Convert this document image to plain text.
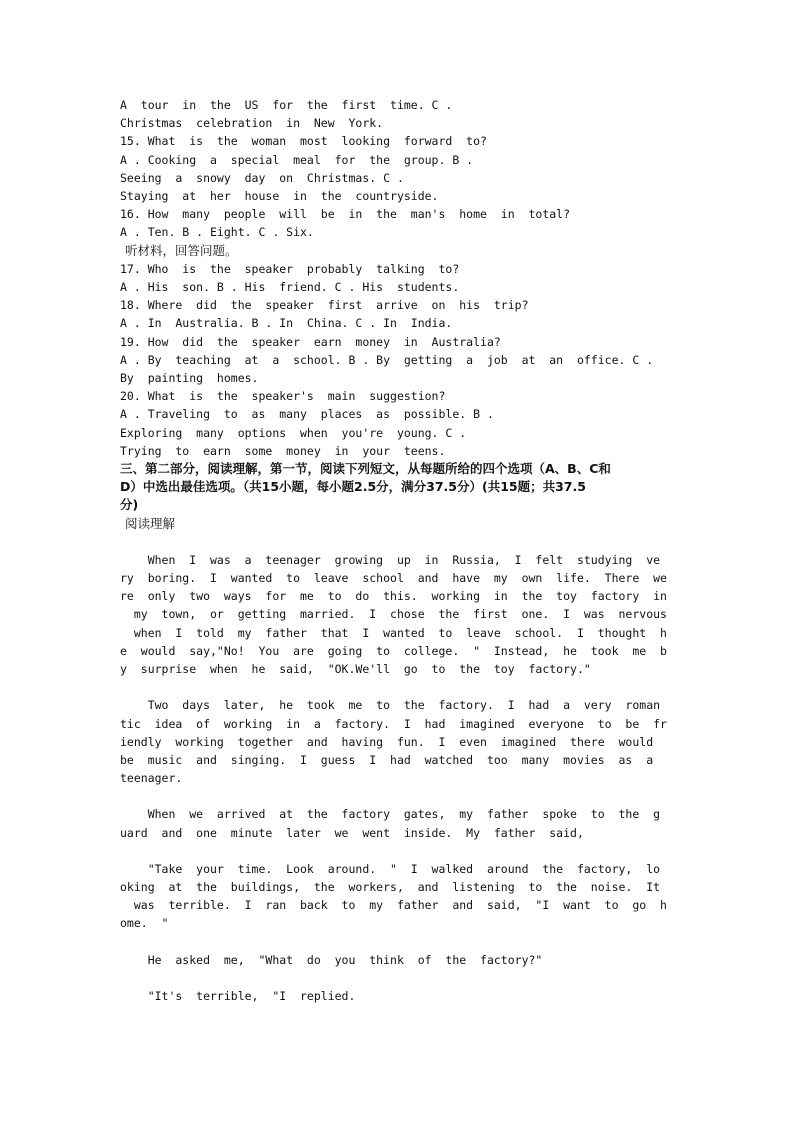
A  tour  in  the  US  for  the  first  time. C .
Christmas  celebration  in  New  York.
15. What  is  the  woman  most  looking  forward  to?
A . Cooking  a  special  meal  for  the  group. B .
Seeing  a  snowy  day  on  Christmas. C .
Staying  at  her  house  in  the  countryside.
16. How  many  people  will  be  in  the  man's  home  in  total?
A . Ten. B . Eight. C . Six.
听材料，回答问题。
17. Who  is  the  speaker  probably  talking  to?
A . His  son. B . His  friend. C . His  students.
18. Where  did  the  speaker  first  arrive  on  his  trip?
A . In  Australia. B . In  China. C . In  India.
19. How  did  the  speaker  earn  money  in  Australia?
A . By  teaching  at  a  school. B . By  getting  a  job  at  an  office. C .
By  painting  homes.
20. What  is  the  speaker's  main  suggestion?
A . Traveling  to  as  many  places  as  possible. B .
Exploring  many  options  when  you're  young. C .
Trying  to  earn  some  money  in  your  teens.
三、第二部分，阅读理解，第一节，阅读下列短文，从每题所给的四个选项（A、B、C和
D）中选出最佳选项。（共15小题，每小题2.5分，满分37.5分）(共15题；共37.5
分)
阅读理解
When  I  was  a  teenager  growing  up  in  Russia,  I  felt  studying  ve
ry  boring.  I  wanted  to  leave  school  and  have  my  own  life.  There  we
re  only  two  ways  for  me  to  do  this.  working  in  the  toy  factory  in
my  town,  or  getting  married.  I  chose  the  first  one.  I  was  nervous
when  I  told  my  father  that  I  wanted  to  leave  school.  I  thought  h
e  would  say,"No!  You  are  going  to  college.  "  Instead,  he  took  me  b
y  surprise  when  he  said,  "OK.We'll  go  to  the  toy  factory."
Two  days  later,  he  took  me  to  the  factory.  I  had  a  very  roman
tic  idea  of  working  in  a  factory.  I  had  imagined  everyone  to  be  fr
iendly  working  together  and  having  fun.  I  even  imagined  there  would
be  music  and  singing.  I  guess  I  had  watched  too  many  movies  as  a
teenager.
When  we  arrived  at  the  factory  gates,  my  father  spoke  to  the  g
uard  and  one  minute  later  we  went  inside.  My  father  said,
"Take  your  time.  Look  around.  "  I  walked  around  the  factory,  lo
oking  at  the  buildings,  the  workers,  and  listening  to  the  noise.  It
was  terrible.  I  ran  back  to  my  father  and  said,  "I  want  to  go  h
ome.  "
He  asked  me,  "What  do  you  think  of  the  factory?"
"It's  terrible,  "I  replied.
